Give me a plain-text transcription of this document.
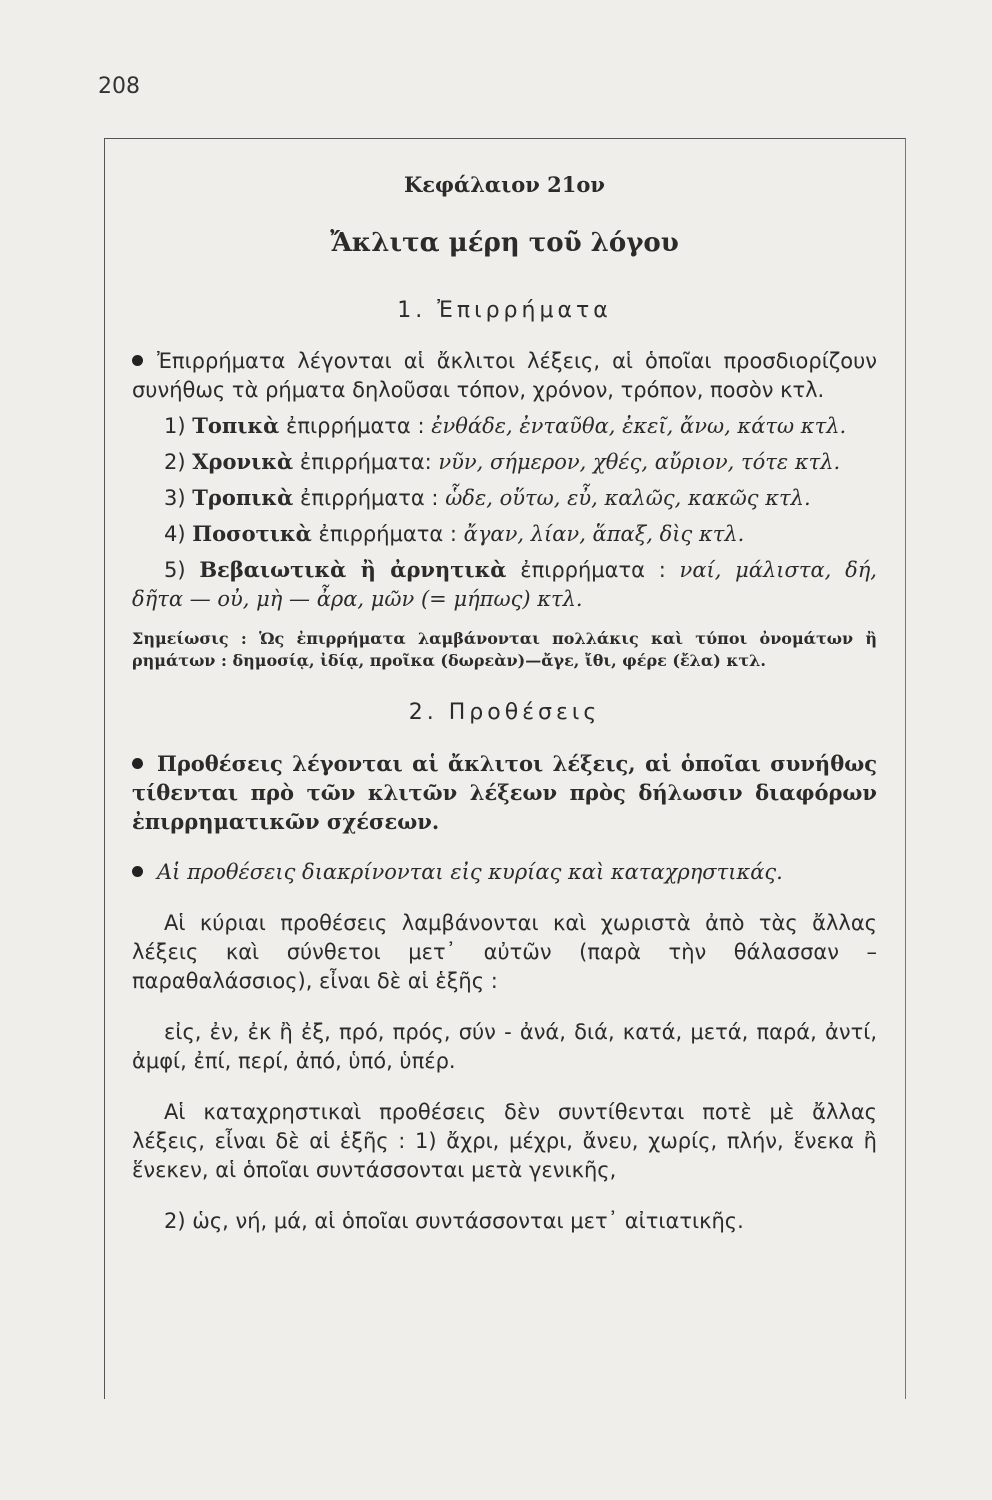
208
Κεφάλαιον 21ον
Ἄκλιτα μέρη τοῦ λόγου
1. Ἐπιρρήματα

Ἐπιρρήματα λέγονται αἱ ἄκλιτοι λέξεις, αἱ ὁποῖαι προσδιορίζουν συνήθως τὰ ρήματα δηλοῦσαι τόπον, χρόνον, τρόπον, ποσὸν κτλ.

1) Τοπικὰ ἐπιρρήματα : ἐνθάδε, ἐνταῦθα, ἐκεῖ, ἄνω, κάτω κτλ.

2) Χρονικὰ ἐπιρρήματα: νῦν, σήμερον, χθές, αὔριον, τότε κτλ.

3) Τροπικὰ ἐπιρρήματα : ὧδε, οὕτω, εὖ, καλῶς, κακῶς κτλ.

4) Ποσοτικὰ ἐπιρρήματα : ἄγαν, λίαν, ἅπαξ, δὶς κτλ.

5) Βεβαιωτικὰ ἢ ἀρνητικὰ ἐπιρρήματα : ναί, μάλιστα, δή, δῆτα — οὐ, μὴ — ἆρα, μῶν (= μήπως) κτλ.

Σημείωσις : Ὡς ἐπιρρήματα λαμβάνονται πολλάκις καὶ τύποι ὀνομάτων ἢ ρημάτων : δημοσίᾳ, ἰδίᾳ, προῖκα (δωρεὰν)—ἄγε, ἴθι, φέρε (ἔλα) κτλ.

2. Προθέσεις

Προθέσεις λέγονται αἱ ἄκλιτοι λέξεις, αἱ ὁποῖαι συνήθως τίθενται πρὸ τῶν κλιτῶν λέξεων πρὸς δήλωσιν διαφόρων ἐπιρρηματικῶν σχέσεων.

Αἱ προθέσεις διακρίνονται εἰς κυρίας καὶ καταχρηστικάς.

Αἱ κύριαι προθέσεις λαμβάνονται καὶ χωριστὰ ἀπὸ τὰς ἄλλας λέξεις καὶ σύνθετοι μετ᾽ αὐτῶν (παρὰ τὴν θάλασσαν – παραθαλάσσιος), εἶναι δὲ αἱ ἑξῆς :

εἰς, ἐν, ἐκ ἢ ἐξ, πρό, πρός, σύν - ἀνά, διά, κατά, μετά, παρά, ἀντί, ἀμφί, ἐπί, περί, ἀπό, ὑπό, ὑπέρ.

Αἱ καταχρηστικαὶ προθέσεις δὲν συντίθενται ποτὲ μὲ ἄλλας λέξεις, εἶναι δὲ αἱ ἑξῆς : 1) ἄχρι, μέχρι, ἄνευ, χωρίς, πλήν, ἕνεκα ἢ ἕνεκεν, αἱ ὁποῖαι συντάσσονται μετὰ γενικῆς,

2) ὡς, νή, μά, αἱ ὁποῖαι συντάσσονται μετ᾽ αἰτιατικῆς.
